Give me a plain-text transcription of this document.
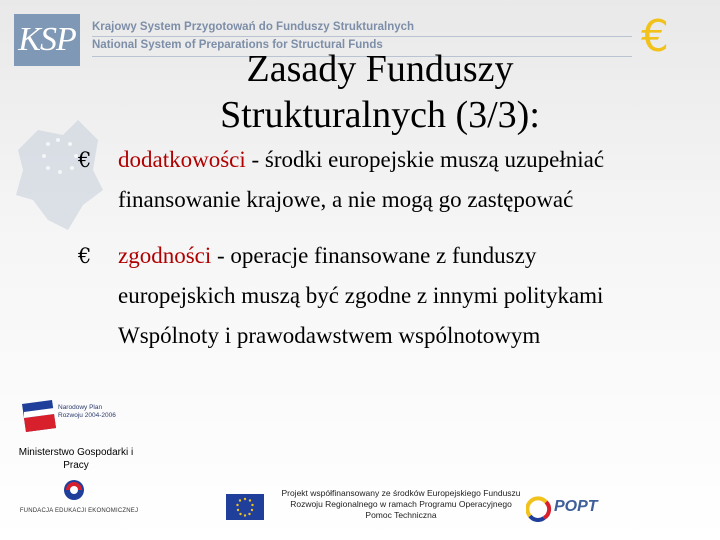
KSP	Krajowy System Przygotowań do Funduszy Strukturalnych
National System of Preparations for Structural Funds	€
Zasady Funduszy Strukturalnych (3/3):
€ dodatkowości - środki europejskie muszą uzupełniać finansowanie krajowe, a nie mogą go zastępować
€ zgodności - operacje finansowane z funduszy europejskich muszą być zgodne z innymi politykami Wspólnoty i prawodawstwem wspólnotowym
Narodowy Plan Rozwoju 2004-2006
Ministerstwo Gospodarki i Pracy
FUNDACJA EDUKACJI EKONOMICZNEJ
Projekt współfinansowany ze środków Europejskiego Funduszu Rozwoju Regionalnego w ramach Programu Operacyjnego Pomoc Techniczna	POPT
